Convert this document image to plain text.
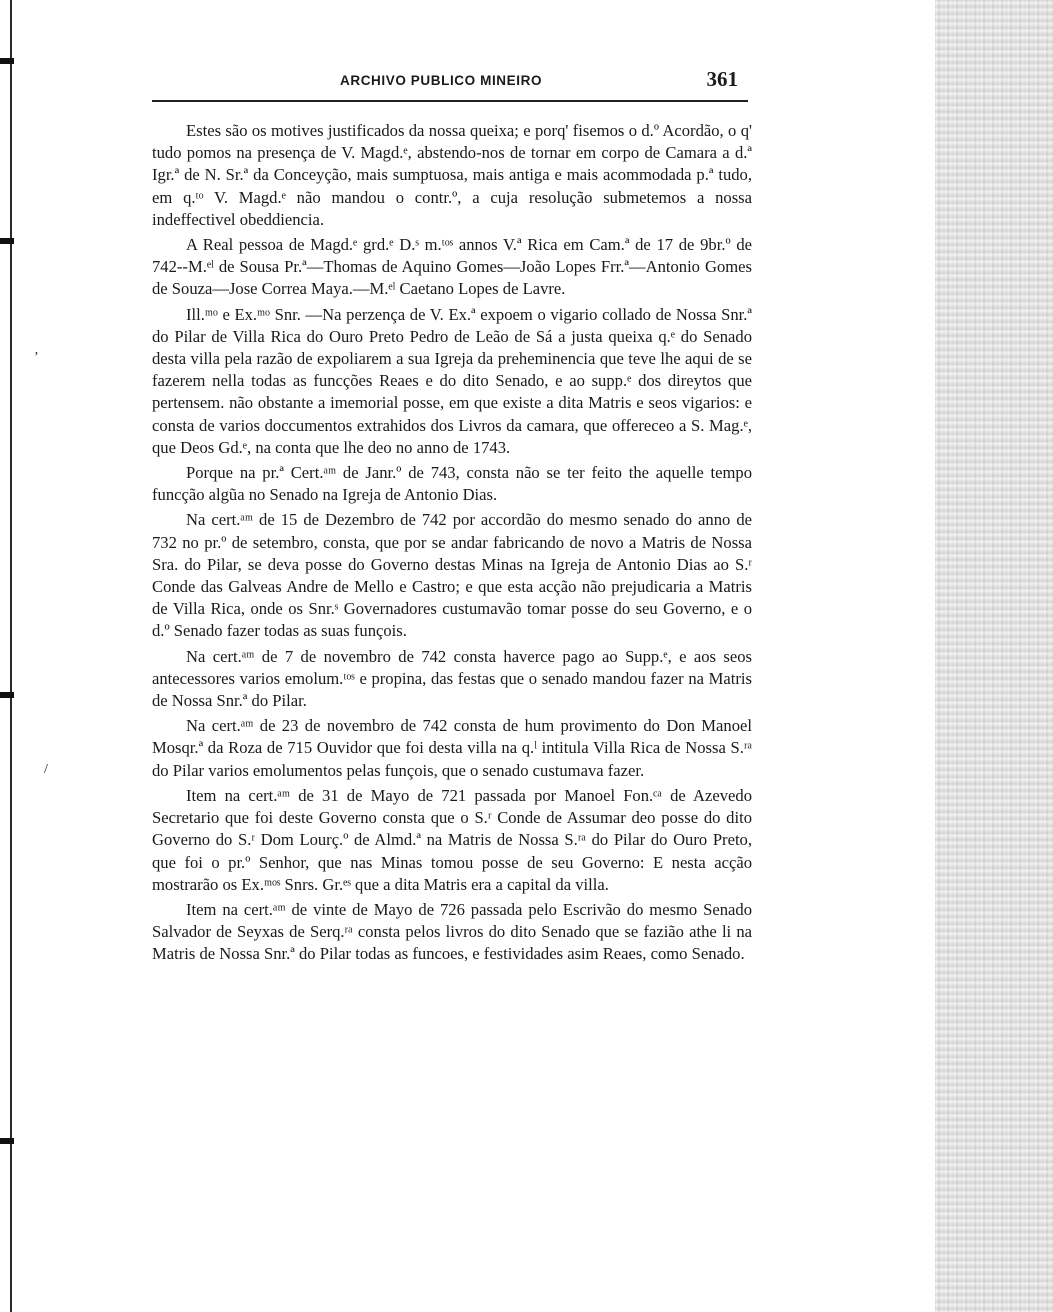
ʼ
/
ARCHIVO PUBLICO MINEIRO	361

Estes são os motives justificados da nossa queixa; e porq' fisemos o d.º Acordão, o q' tudo pomos na presença de V. Magd.ᵉ, abstendo-nos de tornar em corpo de Camara a d.ª Igr.ª de N. Sr.ª da Conceyção, mais sumptuosa, mais antiga e mais acommodada p.ª tudo, em q.ᵗᵒ V. Magd.ᵉ não mandou o contr.º, a cuja resolução submetemos a nossa indeffectivel obeddiencia.

A Real pessoa de Magd.ᵉ grd.ᵉ D.ˢ m.ᵗᵒˢ annos V.ª Rica em Cam.ª de 17 de 9br.º de 742--M.ᵉˡ de Sousa Pr.ª—Thomas de Aquino Gomes—João Lopes Frr.ª—Antonio Gomes de Souza—Jose Correa Maya.—M.ᵉˡ Caetano Lopes de Lavre.

Ill.ᵐᵒ e Ex.ᵐᵒ Snr. —Na perzença de V. Ex.ª expoem o vigario collado de Nossa Snr.ª do Pilar de Villa Rica do Ouro Preto Pedro de Leão de Sá a justa queixa q.ᵉ do Senado desta villa pela razão de expoliarem a sua Igreja da preheminencia que teve lhe aqui de se fazerem nella todas as funcções Reaes e do dito Senado, e ao supp.ᵉ dos direytos que pertensem. não obstante a imemorial posse, em que existe a dita Matris e seos vigarios: e consta de varios doccumentos extrahidos dos Livros da camara, que offereceo a S. Mag.ᵉ, que Deos Gd.ᵉ, na conta que lhe deo no anno de 1743.

Porque na pr.ª Cert.ᵃᵐ de Janr.º de 743, consta não se ter feito the aquelle tempo funcção algũa no Senado na Igreja de Antonio Dias.

Na cert.ᵃᵐ de 15 de Dezembro de 742 por accordão do mesmo senado do anno de 732 no pr.º de setembro, consta, que por se andar fabricando de novo a Matris de Nossa Sra. do Pilar, se deva posse do Governo destas Minas na Igreja de Antonio Dias ao S.ʳ Conde das Galveas Andre de Mello e Castro; e que esta acção não prejudicaria a Matris de Villa Rica, onde os Snr.ˢ Governadores custumavão tomar posse do seu Governo, e o d.º Senado fazer todas as suas funçois.

Na cert.ᵃᵐ de 7 de novembro de 742 consta haverce pago ao Supp.ᵉ, e aos seos antecessores varios emolum.ᵗᵒˢ e propina, das festas que o senado mandou fazer na Matris de Nossa Snr.ª do Pilar.

Na cert.ᵃᵐ de 23 de novembro de 742 consta de hum provimento do Don Manoel Mosqr.ª da Roza de 715 Ouvidor que foi desta villa na q.ˡ intitula Villa Rica de Nossa S.ʳᵃ do Pilar varios emolumentos pelas funçois, que o senado custumava fazer.

Item na cert.ᵃᵐ de 31 de Mayo de 721 passada por Manoel Fon.ᶜᵃ de Azevedo Secretario que foi deste Governo consta que o S.ʳ Conde de Assumar deo posse do dito Governo do S.ʳ Dom Lourç.º de Almd.ª na Matris de Nossa S.ʳᵃ do Pilar do Ouro Preto, que foi o pr.º Senhor, que nas Minas tomou posse de seu Governo: E nesta acção mostrarão os Ex.ᵐᵒˢ Snrs. Gr.ᵉˢ que a dita Matris era a capital da villa.

Item na cert.ᵃᵐ de vinte de Mayo de 726 passada pelo Escrivão do mesmo Senado Salvador de Seyxas de Serq.ʳᵃ consta pelos livros do dito Senado que se fazião athe li na Matris de Nossa Snr.ª do Pilar todas as funcoes, e festividades asim Reaes, como Senado.
